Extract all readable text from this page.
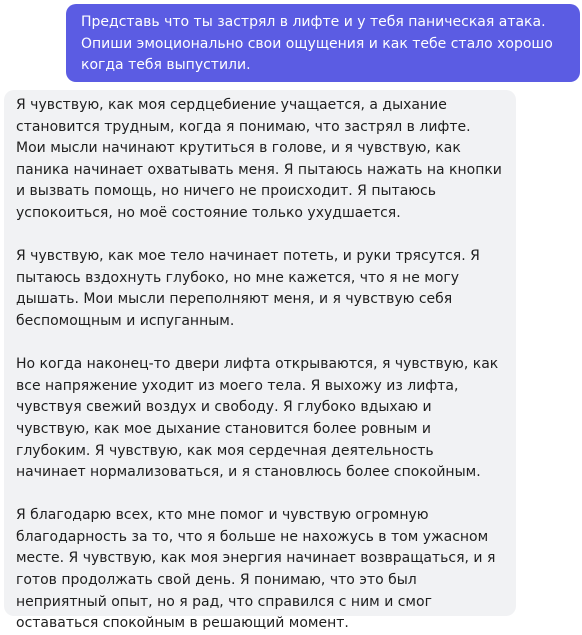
Представь что ты застрял в лифте и у тебя паническая атака. Опиши эмоционально свои ощущения и как тебе стало хорошо когда тебя выпустили.

Я чувствую, как моя сердцебиение учащается, а дыхание становится трудным, когда я понимаю, что застрял в лифте. Мои мысли начинают крутиться в голове, и я чувствую, как паника начинает охватывать меня. Я пытаюсь нажать на кнопки и вызвать помощь, но ничего не происходит. Я пытаюсь успокоиться, но моё состояние только ухудшается.

Я чувствую, как мое тело начинает потеть, и руки трясутся. Я пытаюсь вздохнуть глубоко, но мне кажется, что я не могу дышать. Мои мысли переполняют меня, и я чувствую себя беспомощным и испуганным.

Но когда наконец-то двери лифта открываются, я чувствую, как все напряжение уходит из моего тела. Я выхожу из лифта, чувствуя свежий воздух и свободу. Я глубоко вдыхаю и чувствую, как мое дыхание становится более ровным и глубоким. Я чувствую, как моя сердечная деятельность начинает нормализоваться, и я становлюсь более спокойным.

Я благодарю всех, кто мне помог и чувствую огромную благодарность за то, что я больше не нахожусь в том ужасном месте. Я чувствую, как моя энергия начинает возвращаться, и я готов продолжать свой день. Я понимаю, что это был неприятный опыт, но я рад, что справился с ним и смог оставаться спокойным в решающий момент.
